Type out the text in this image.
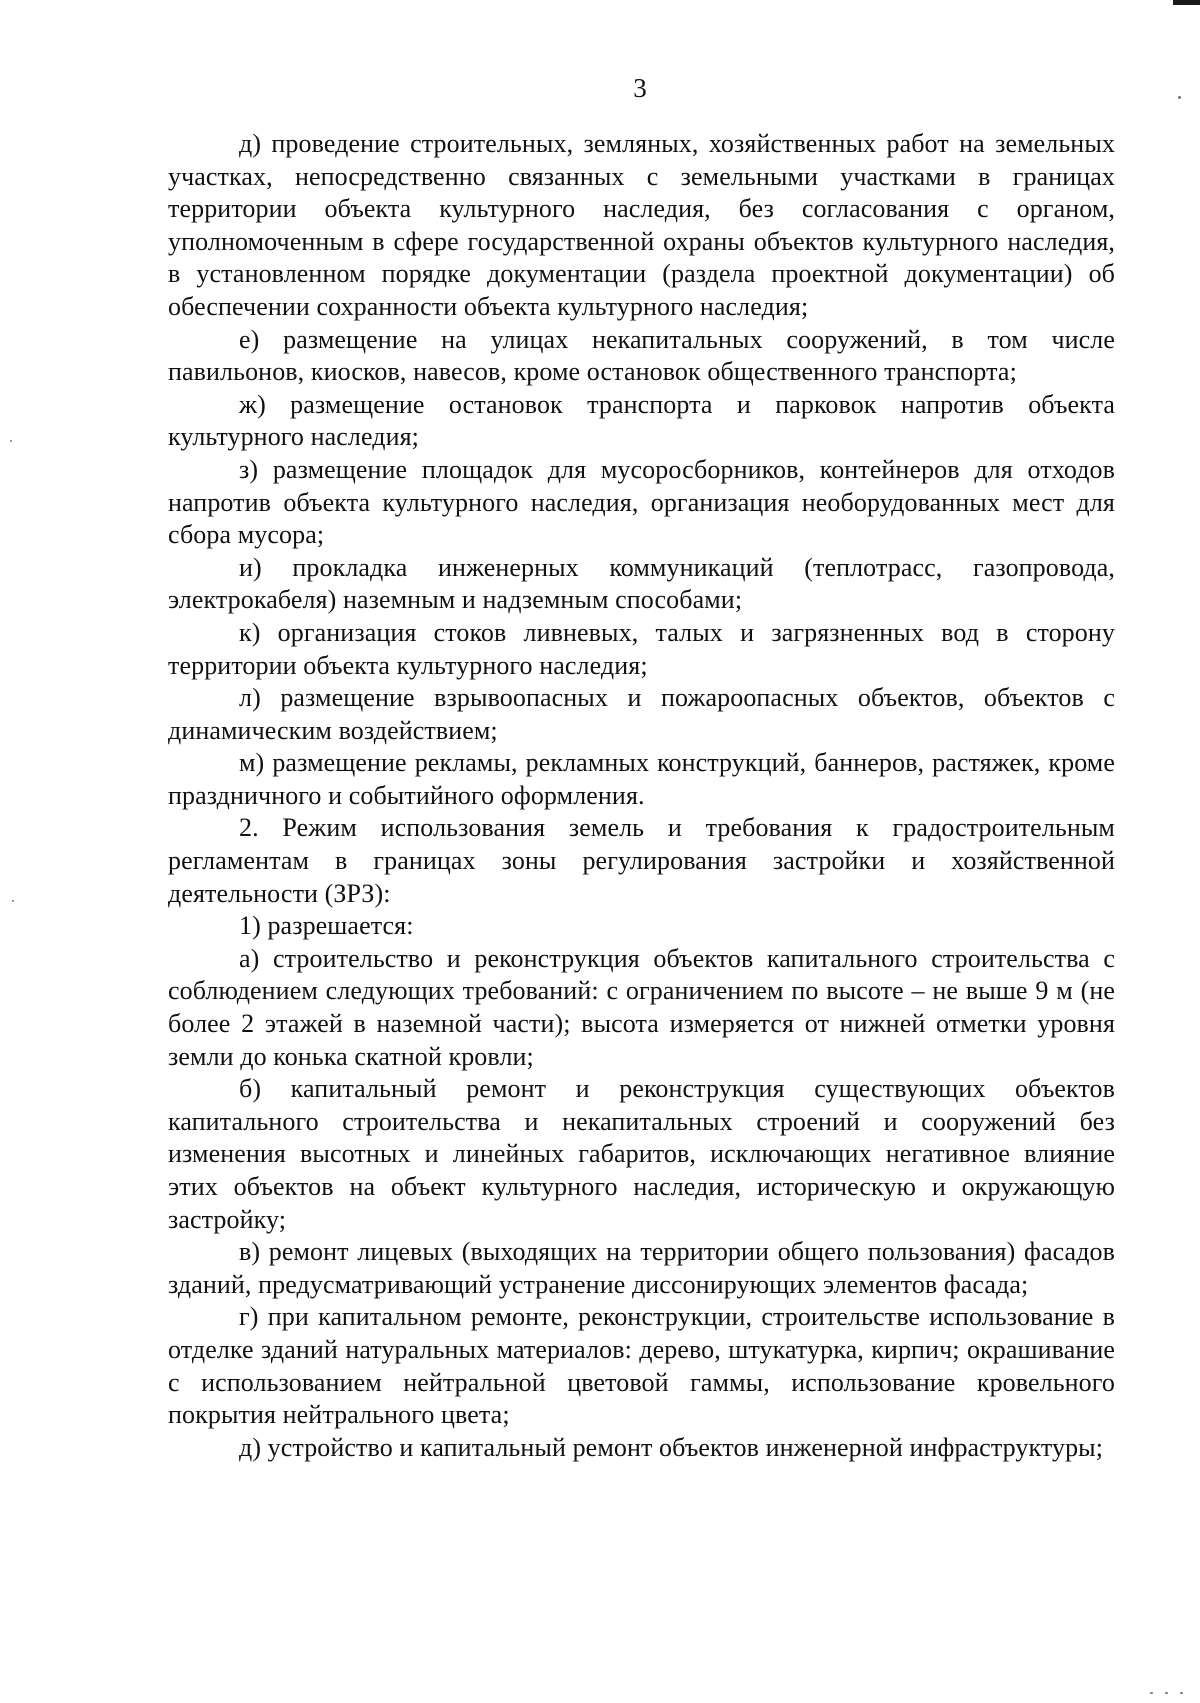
3

д) проведение строительных, земляных, хозяйственных работ на земельных участках, непосредственно связанных с земельными участками в границах территории объекта культурного наследия, без согласования с органом, уполномоченным в сфере государственной охраны объектов культурного наследия, в установленном порядке документации (раздела проектной документации) об обеспечении сохранности объекта культурного наследия;

е) размещение на улицах некапитальных сооружений, в том числе павильонов, киосков, навесов, кроме остановок общественного транспорта;

ж) размещение остановок транспорта и парковок напротив объекта культурного наследия;

з) размещение площадок для мусоросборников, контейнеров для отходов напротив объекта культурного наследия, организация необорудованных мест для сбора мусора;

и) прокладка инженерных коммуникаций (теплотрасс, газопровода, электрокабеля) наземным и надземным способами;

к) организация стоков ливневых, талых и загрязненных вод в сторону территории объекта культурного наследия;

л) размещение взрывоопасных и пожароопасных объектов, объектов с динамическим воздействием;

м) размещение рекламы, рекламных конструкций, баннеров, растяжек, кроме праздничного и событийного оформления.

2. Режим использования земель и требования к градостроительным регламентам в границах зоны регулирования застройки и хозяйственной деятельности (ЗРЗ):

1) разрешается:

а) строительство и реконструкция объектов капитального строительства с соблюдением следующих требований: с ограничением по высоте – не выше 9 м (не более 2 этажей в наземной части); высота измеряется от нижней отметки уровня земли до конька скатной кровли;

б) капитальный ремонт и реконструкция существующих объектов капитального строительства и некапитальных строений и сооружений без изменения высотных и линейных габаритов, исключающих негативное влияние этих объектов на объект культурного наследия, историческую и окружающую застройку;

в) ремонт лицевых (выходящих на территории общего пользования) фасадов зданий, предусматривающий устранение диссонирующих элементов фасада;

г) при капитальном ремонте, реконструкции, строительстве использование в отделке зданий натуральных материалов: дерево, штукатурка, кирпич; окрашивание с использованием нейтральной цветовой гаммы, использование кровельного покрытия нейтрального цвета;

д) устройство и капитальный ремонт объектов инженерной инфраструктуры;
